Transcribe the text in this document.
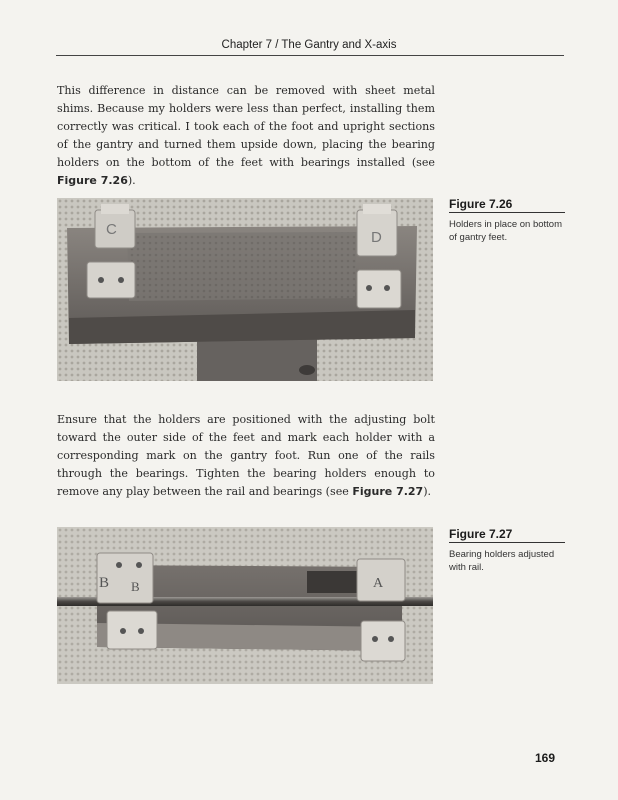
Chapter 7 / The Gantry and X-axis

This difference in distance can be removed with sheet metal shims. Because my holders were less than perfect, installing them correctly was critical. I took each of the foot and upright sections of the gantry and turned them upside down, placing the bearing holders on the bottom of the feet with bearings installed (see Figure 7.26).

C	D
Figure 7.26
Holders in place on bottom of gantry feet.

Ensure that the holders are positioned with the adjusting bolt toward the outer side of the feet and mark each holder with a corresponding mark on the gantry foot. Run one of the rails through the bearings. Tighten the bearing holders enough to remove any play between the rail and bearings (see Figure 7.27).

B B	A
Figure 7.27
Bearing holders adjusted with rail.
169
